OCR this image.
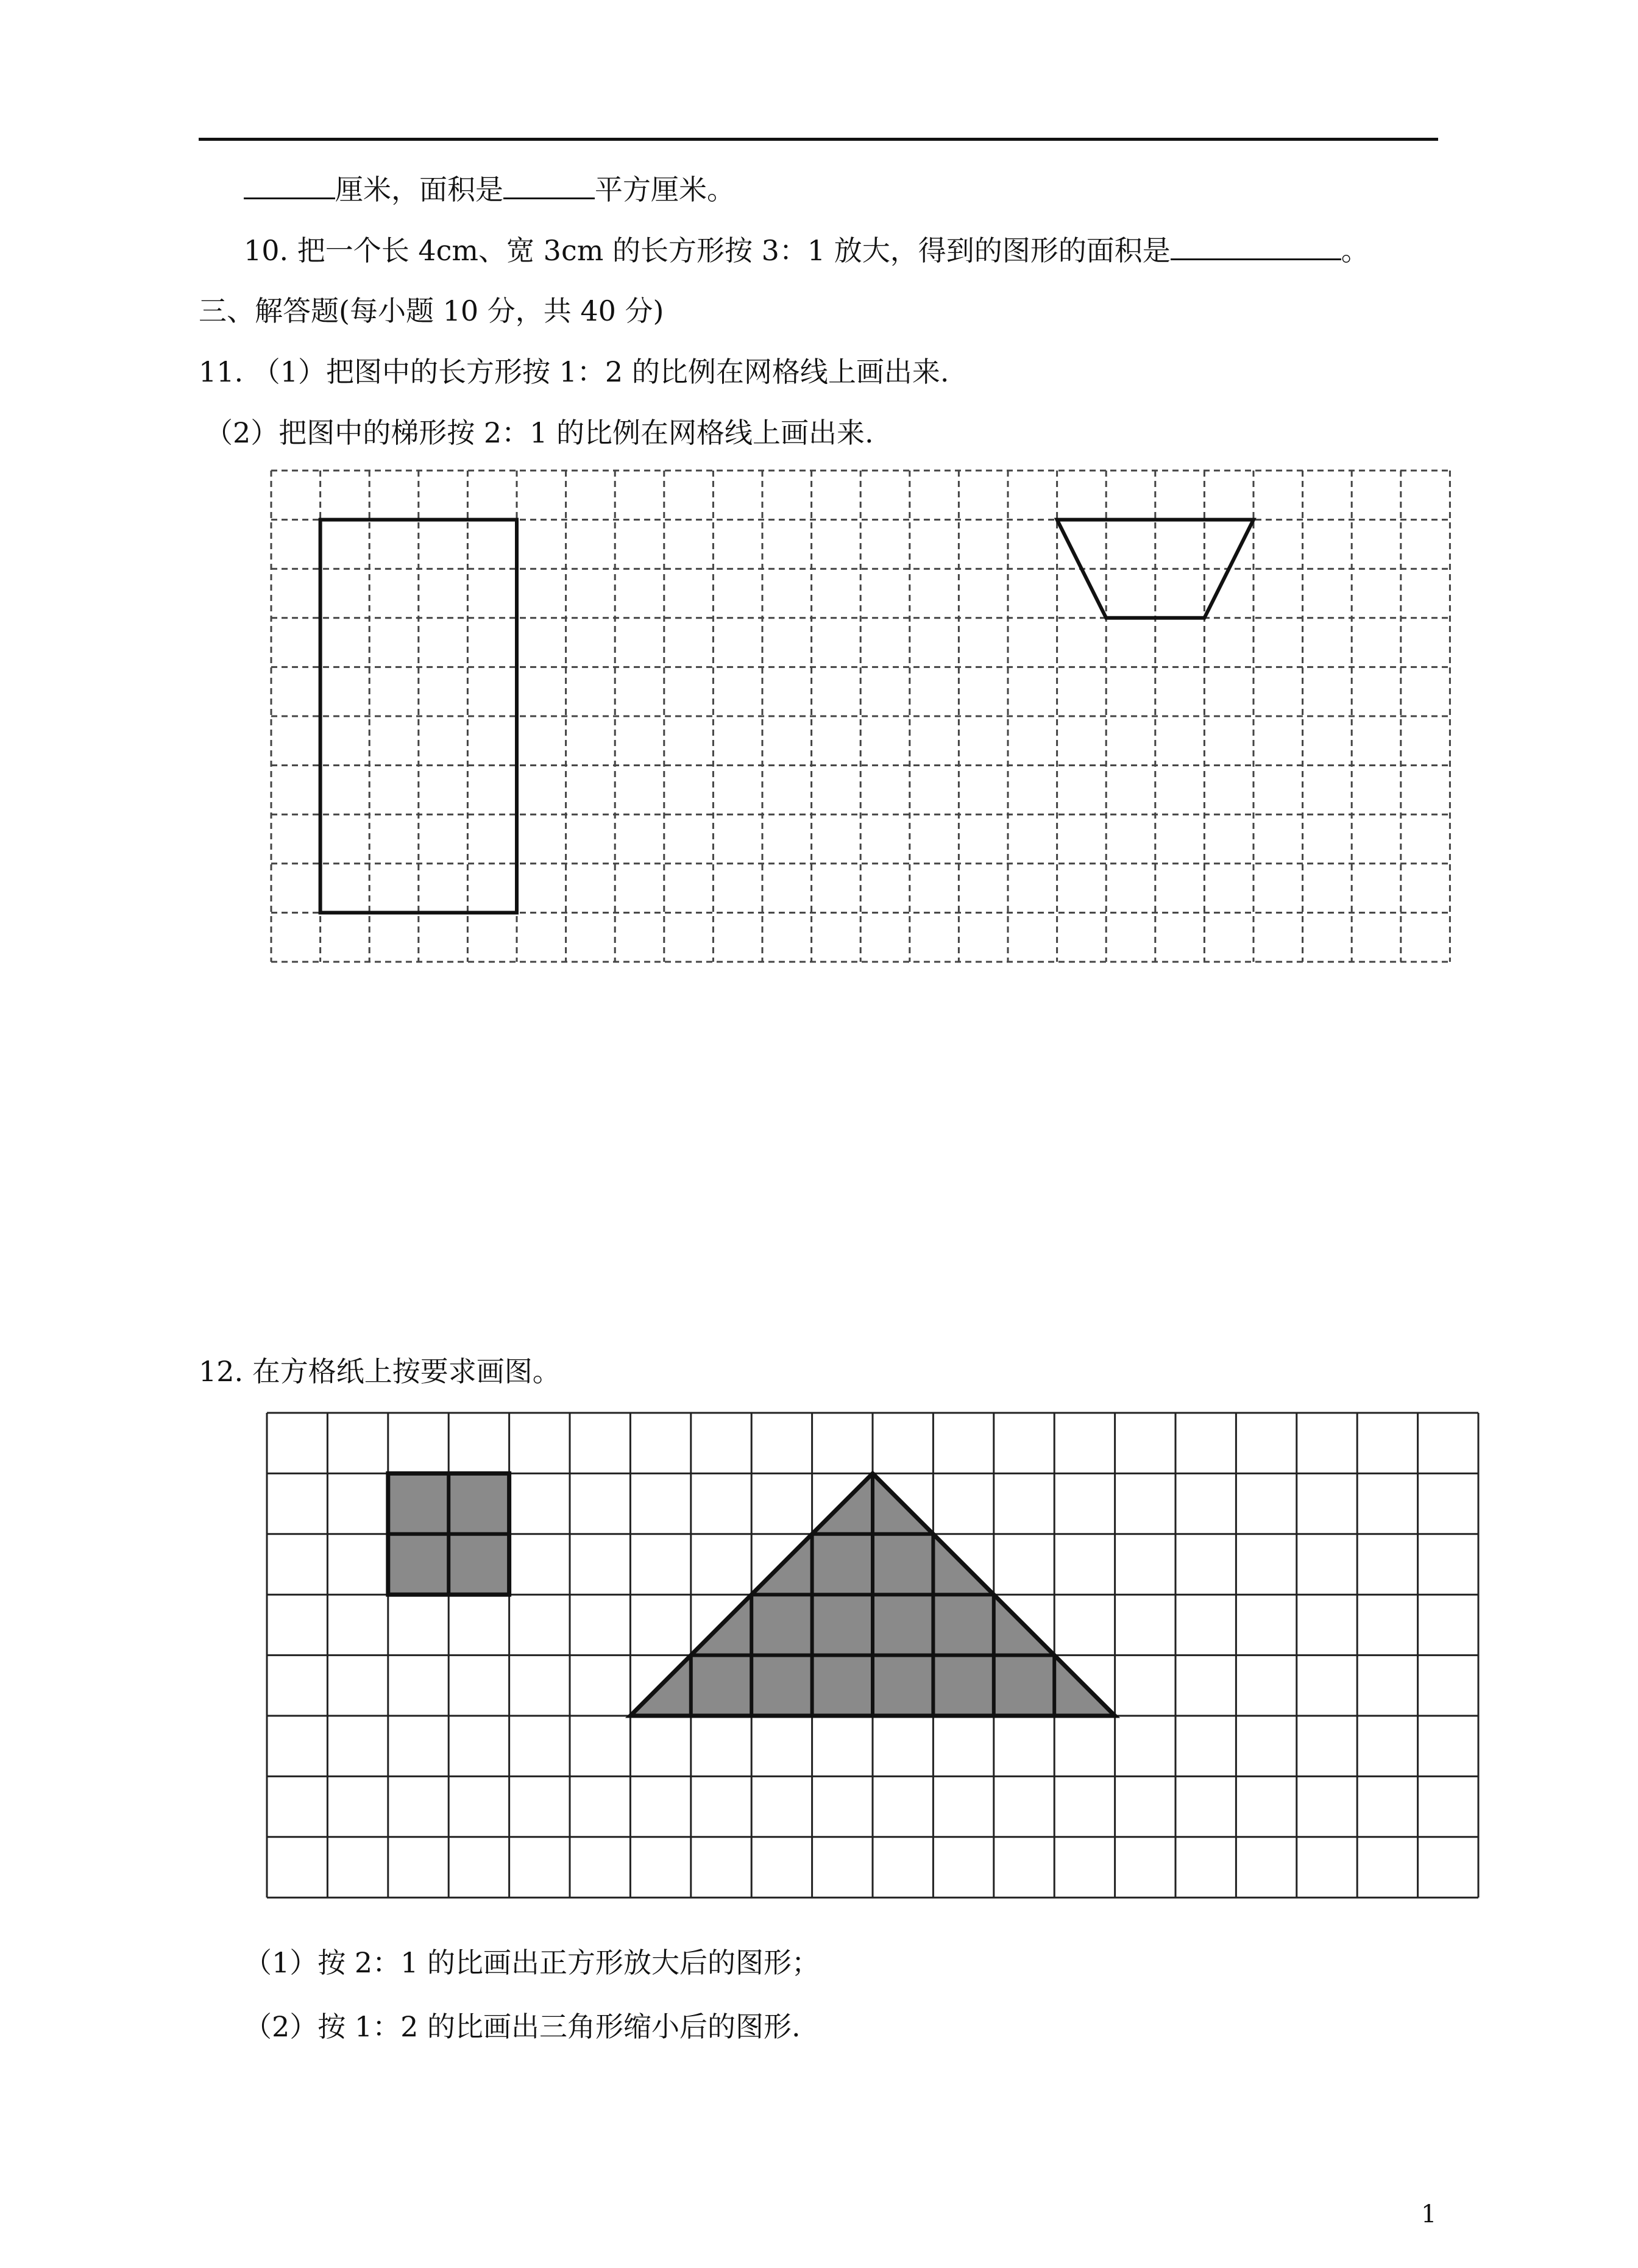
厘米，面积是	平方厘米。
10. 把一个长 4cm、宽 3cm 的长方形按 3：1 放大，得到的图形的面积是	。
三、解答题(每小题 10 分，共 40 分)
11. （1）把图中的长方形按 1：2 的比例在网格线上画出来.
（2）把图中的梯形按 2：1 的比例在网格线上画出来.
12. 在方格纸上按要求画图。
（1）按 2：1 的比画出正方形放大后的图形；
（2）按 1：2 的比画出三角形缩小后的图形.
1
